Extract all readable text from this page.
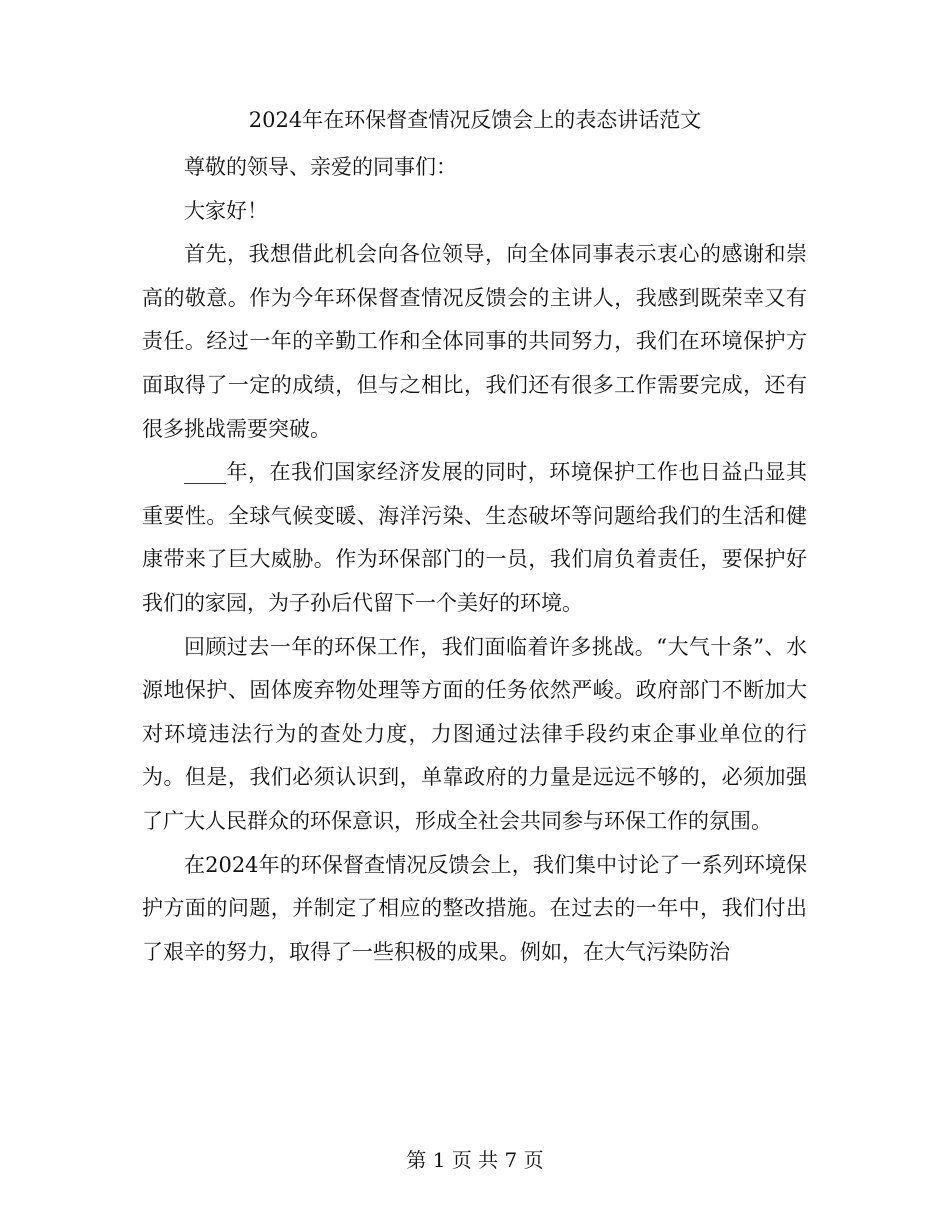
2024年在环保督查情况反馈会上的表态讲话范文

尊敬的领导、亲爱的同事们：

大家好！

首先，我想借此机会向各位领导，向全体同事表示衷心的感谢和崇高的敬意。作为今年环保督查情况反馈会的主讲人，我感到既荣幸又有责任。经过一年的辛勤工作和全体同事的共同努力，我们在环境保护方面取得了一定的成绩，但与之相比，我们还有很多工作需要完成，还有很多挑战需要突破。

____年，在我们国家经济发展的同时，环境保护工作也日益凸显其重要性。全球气候变暖、海洋污染、生态破坏等问题给我们的生活和健康带来了巨大威胁。作为环保部门的一员，我们肩负着责任，要保护好我们的家园，为子孙后代留下一个美好的环境。

回顾过去一年的环保工作，我们面临着许多挑战。“大气十条”、水源地保护、固体废弃物处理等方面的任务依然严峻。政府部门不断加大对环境违法行为的查处力度，力图通过法律手段约束企事业单位的行为。但是，我们必须认识到，单靠政府的力量是远远不够的，必须加强了广大人民群众的环保意识，形成全社会共同参与环保工作的氛围。

在2024年的环保督查情况反馈会上，我们集中讨论了一系列环境保护方面的问题，并制定了相应的整改措施。在过去的一年中，我们付出了艰辛的努力，取得了一些积极的成果。例如，在大气污染防治

第 1 页 共 7 页
